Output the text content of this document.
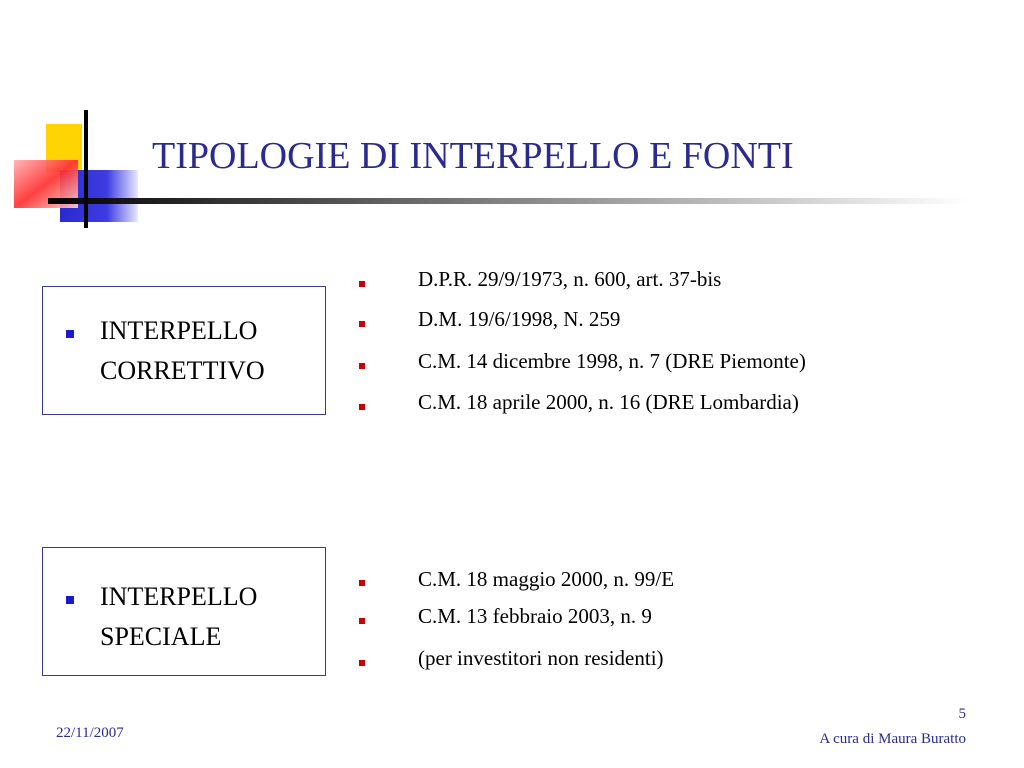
TIPOLOGIE DI INTERPELLO E FONTI
INTERPELLO
CORRETTIVO
INTERPELLO
SPECIALE
D.P.R. 29/9/1973, n. 600, art. 37-bis
D.M. 19/6/1998, N. 259
C.M. 14 dicembre 1998, n. 7 (DRE Piemonte)
C.M. 18 aprile 2000, n. 16 (DRE Lombardia)
C.M. 18 maggio 2000, n. 99/E
C.M. 13 febbraio 2003, n. 9
(per investitori non residenti)
22/11/2007
5
A cura di Maura Buratto
